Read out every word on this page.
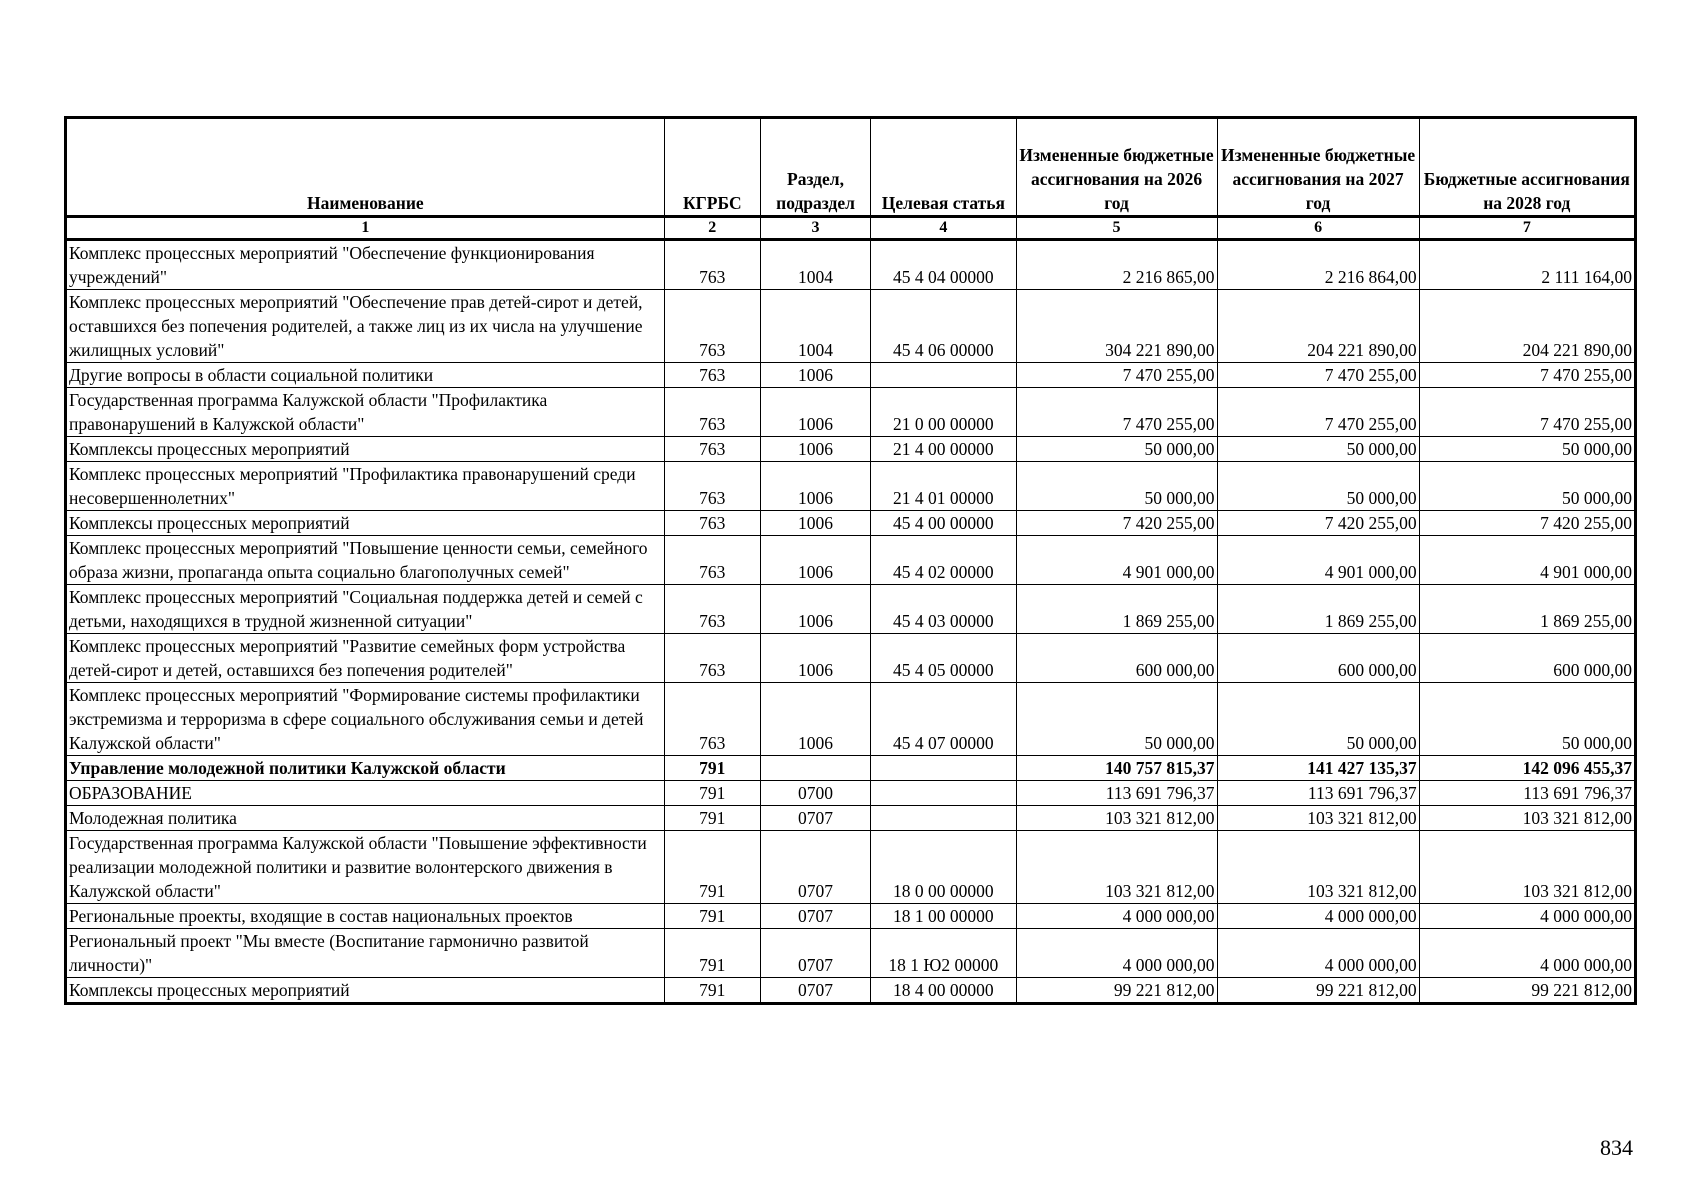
Наименование	КГРБС	Раздел, подраздел	Целевая статья	Измененные бюджетные ассигнования на 2026 год	Измененные бюджетные ассигнования на 2027 год	Бюджетные ассигнования на 2028 год
1	2	3	4	5	6	7
Комплекс процессных мероприятий "Обеспечение функционирования учреждений"	763	1004	45 4 04 00000	2 216 865,00	2 216 864,00	2 111 164,00
Комплекс процессных мероприятий "Обеспечение прав детей-сирот и детей, оставшихся без попечения родителей, а также лиц из их числа на улучшение жилищных условий"	763	1004	45 4 06 00000	304 221 890,00	204 221 890,00	204 221 890,00
Другие вопросы в области социальной политики	763	1006		7 470 255,00	7 470 255,00	7 470 255,00
Государственная программа Калужской области "Профилактика правонарушений в Калужской области"	763	1006	21 0 00 00000	7 470 255,00	7 470 255,00	7 470 255,00
Комплексы процессных мероприятий	763	1006	21 4 00 00000	50 000,00	50 000,00	50 000,00
Комплекс процессных мероприятий "Профилактика правонарушений среди несовершеннолетних"	763	1006	21 4 01 00000	50 000,00	50 000,00	50 000,00
Комплексы процессных мероприятий	763	1006	45 4 00 00000	7 420 255,00	7 420 255,00	7 420 255,00
Комплекс процессных мероприятий "Повышение ценности семьи, семейного образа жизни, пропаганда опыта социально благополучных семей"	763	1006	45 4 02 00000	4 901 000,00	4 901 000,00	4 901 000,00
Комплекс процессных мероприятий "Социальная поддержка детей и семей с детьми, находящихся в трудной жизненной ситуации"	763	1006	45 4 03 00000	1 869 255,00	1 869 255,00	1 869 255,00
Комплекс процессных мероприятий "Развитие семейных форм устройства детей-сирот и детей, оставшихся без попечения родителей"	763	1006	45 4 05 00000	600 000,00	600 000,00	600 000,00
Комплекс процессных мероприятий "Формирование системы профилактики экстремизма и терроризма в сфере социального обслуживания семьи и детей Калужской области"	763	1006	45 4 07 00000	50 000,00	50 000,00	50 000,00
Управление молодежной политики Калужской области	791			140 757 815,37	141 427 135,37	142 096 455,37
ОБРАЗОВАНИЕ	791	0700		113 691 796,37	113 691 796,37	113 691 796,37
Молодежная политика	791	0707		103 321 812,00	103 321 812,00	103 321 812,00
Государственная программа Калужской области "Повышение эффективности реализации молодежной политики и развитие волонтерского движения в Калужской области"	791	0707	18 0 00 00000	103 321 812,00	103 321 812,00	103 321 812,00
Региональные проекты, входящие в состав национальных проектов	791	0707	18 1 00 00000	4 000 000,00	4 000 000,00	4 000 000,00
Региональный проект "Мы вместе (Воспитание гармонично развитой личности)"	791	0707	18 1 Ю2 00000	4 000 000,00	4 000 000,00	4 000 000,00
Комплексы процессных мероприятий	791	0707	18 4 00 00000	99 221 812,00	99 221 812,00	99 221 812,00
834
